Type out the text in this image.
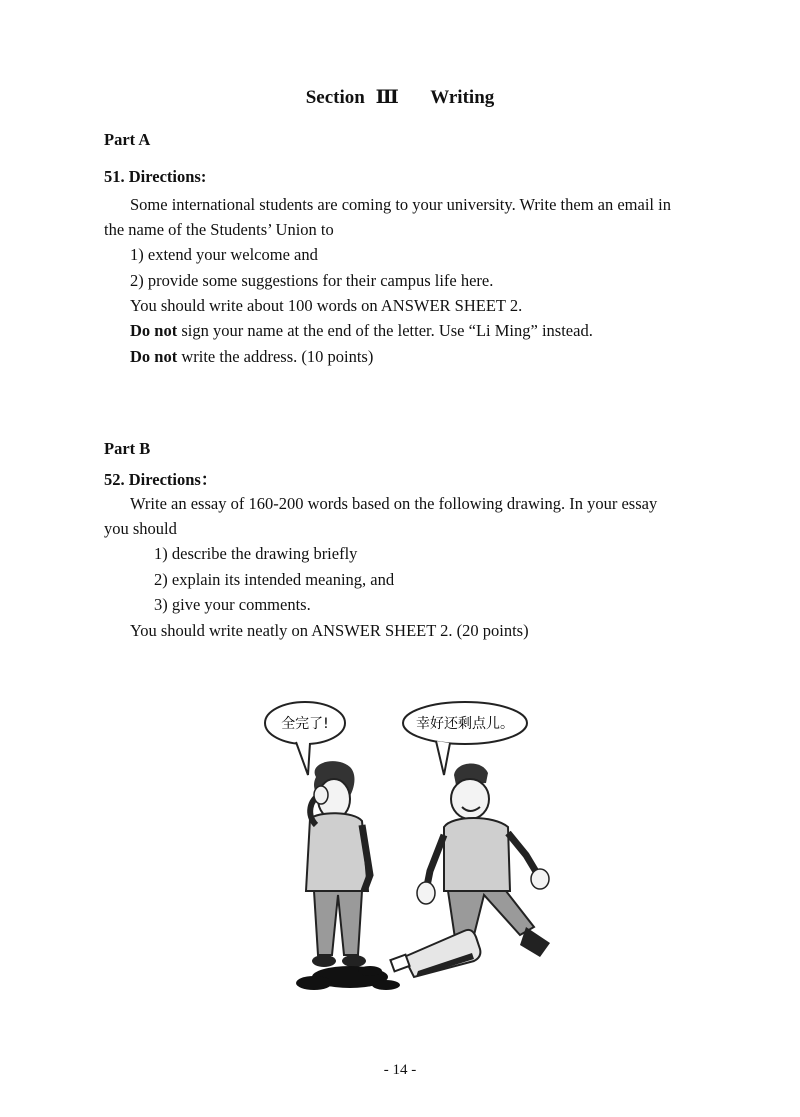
Section Ⅲ Writing
Part A
51. Directions:
Some international students are coming to your university. Write them an email in
the name of the Students’ Union to
1) extend your welcome and
2) provide some suggestions for their campus life here.
You should write about 100 words on ANSWER SHEET 2.
Do not sign your name at the end of the letter. Use “Li Ming” instead.
Do not write the address. (10 points)
Part B
52. Directions：
Write an essay of 160-200 words based on the following drawing. In your essay
you should
1) describe the drawing briefly
2) explain its intended meaning, and
3) give your comments.
You should write neatly on ANSWER SHEET 2. (20 points)
全完了!	幸好还剩点儿。
- 14 -
